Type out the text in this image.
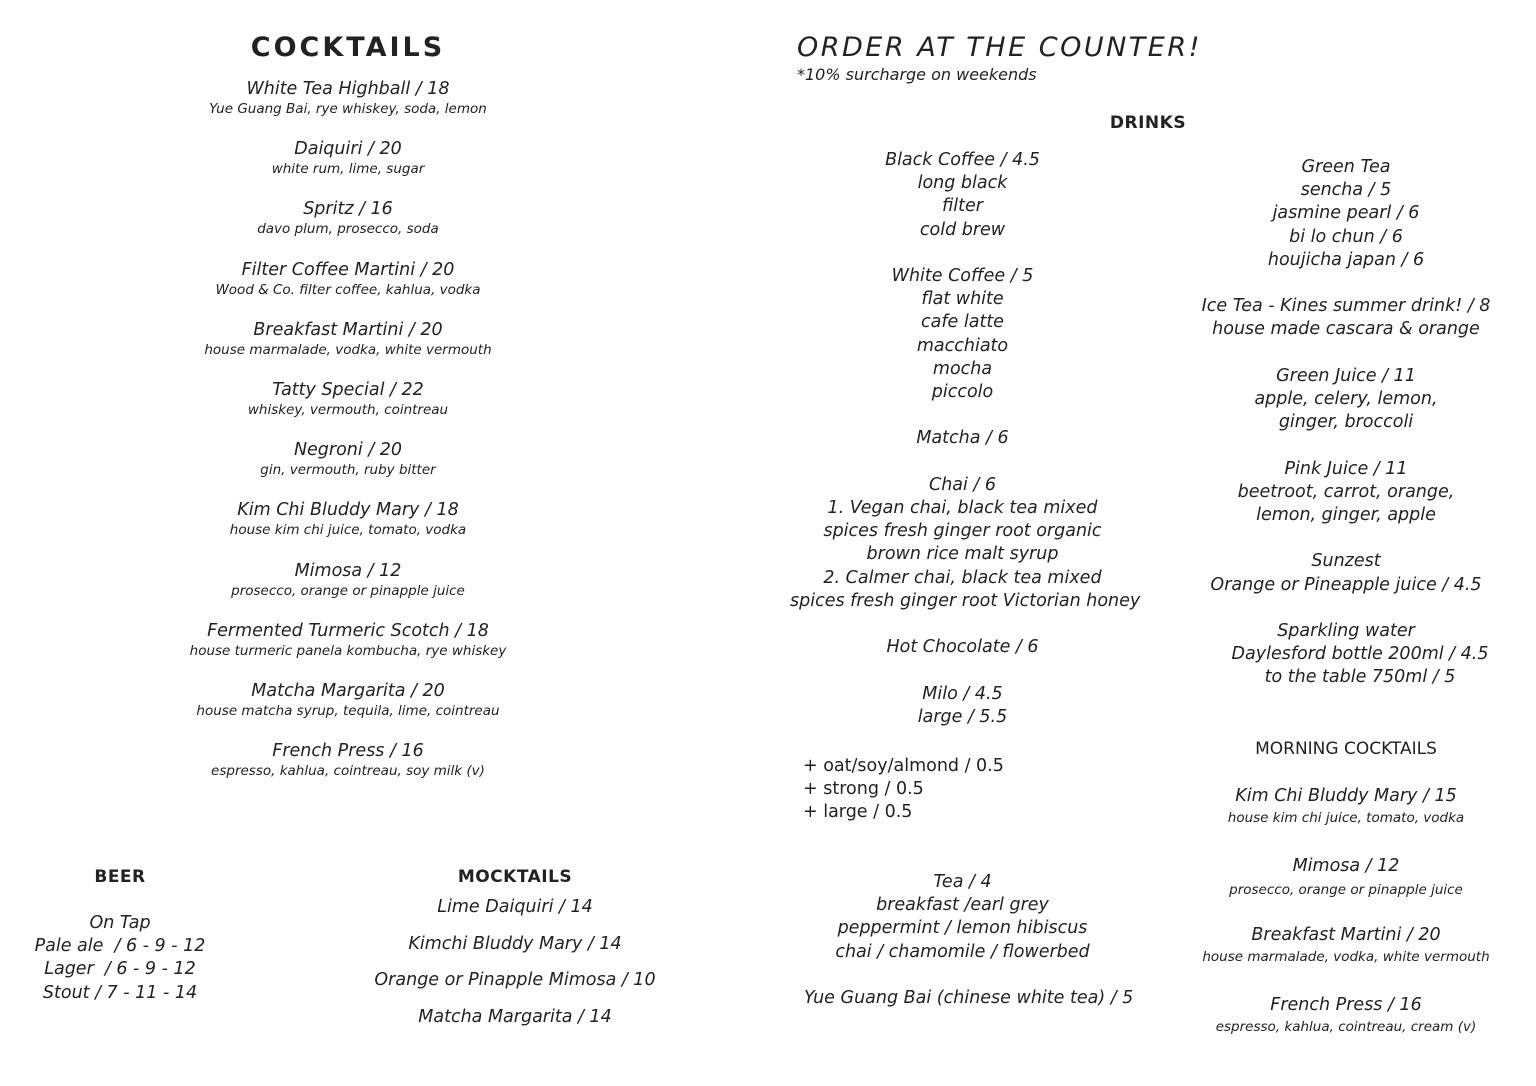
COCKTAILS
White Tea Highball / 18
Yue Guang Bai, rye whiskey, soda, lemon
Daiquiri / 20
white rum, lime, sugar
Spritz / 16
davo plum, prosecco, soda
Filter Coffee Martini / 20
Wood & Co. filter coffee, kahlua, vodka
Breakfast Martini / 20
house marmalade, vodka, white vermouth
Tatty Special / 22
whiskey, vermouth, cointreau
Negroni / 20
gin, vermouth, ruby bitter
Kim Chi Bluddy Mary / 18
house kim chi juice, tomato, vodka
Mimosa / 12
prosecco, orange or pinapple juice
Fermented Turmeric Scotch / 18
house turmeric panela kombucha, rye whiskey
Matcha Margarita / 20
house matcha syrup, tequila, lime, cointreau
French Press / 16
espresso, kahlua, cointreau, soy milk (v)
BEER
On Tap
Pale ale  / 6 - 9 - 12
Lager  / 6 - 9 - 12
Stout / 7 - 11 - 14
MOCKTAILS
Lime Daiquiri / 14
Kimchi Bluddy Mary / 14
Orange or Pinapple Mimosa / 10
Matcha Margarita / 14
ORDER AT THE COUNTER!
*10% surcharge on weekends
DRINKS
Black Coffee / 4.5
long black
filter
cold brew
White Coffee / 5
flat white
cafe latte
macchiato
mocha
piccolo
Matcha / 6
Chai / 6
1. Vegan chai, black tea mixed
spices fresh ginger root organic
brown rice malt syrup
2. Calmer chai, black tea mixed
spices fresh ginger root Victorian honey
Hot Chocolate / 6
Milo / 4.5
large / 5.5
+ oat/soy/almond / 0.5
+ strong / 0.5
+ large / 0.5
Tea / 4
breakfast /earl grey
peppermint / lemon hibiscus
chai / chamomile / flowerbed
Yue Guang Bai (chinese white tea) / 5
Green Tea
sencha / 5
jasmine pearl / 6
bi lo chun / 6
houjicha japan / 6
Ice Tea - Kines summer drink! / 8
house made cascara & orange
Green Juice / 11
apple, celery, lemon,
ginger, broccoli
Pink Juice / 11
beetroot, carrot, orange,
lemon, ginger, apple
Sunzest
Orange or Pineapple juice / 4.5
Sparkling water
Daylesford bottle 200ml / 4.5
to the table 750ml / 5
MORNING COCKTAILS
Kim Chi Bluddy Mary / 15
house kim chi juice, tomato, vodka
Mimosa / 12
prosecco, orange or pinapple juice
Breakfast Martini / 20
house marmalade, vodka, white vermouth
French Press / 16
espresso, kahlua, cointreau, cream (v)
